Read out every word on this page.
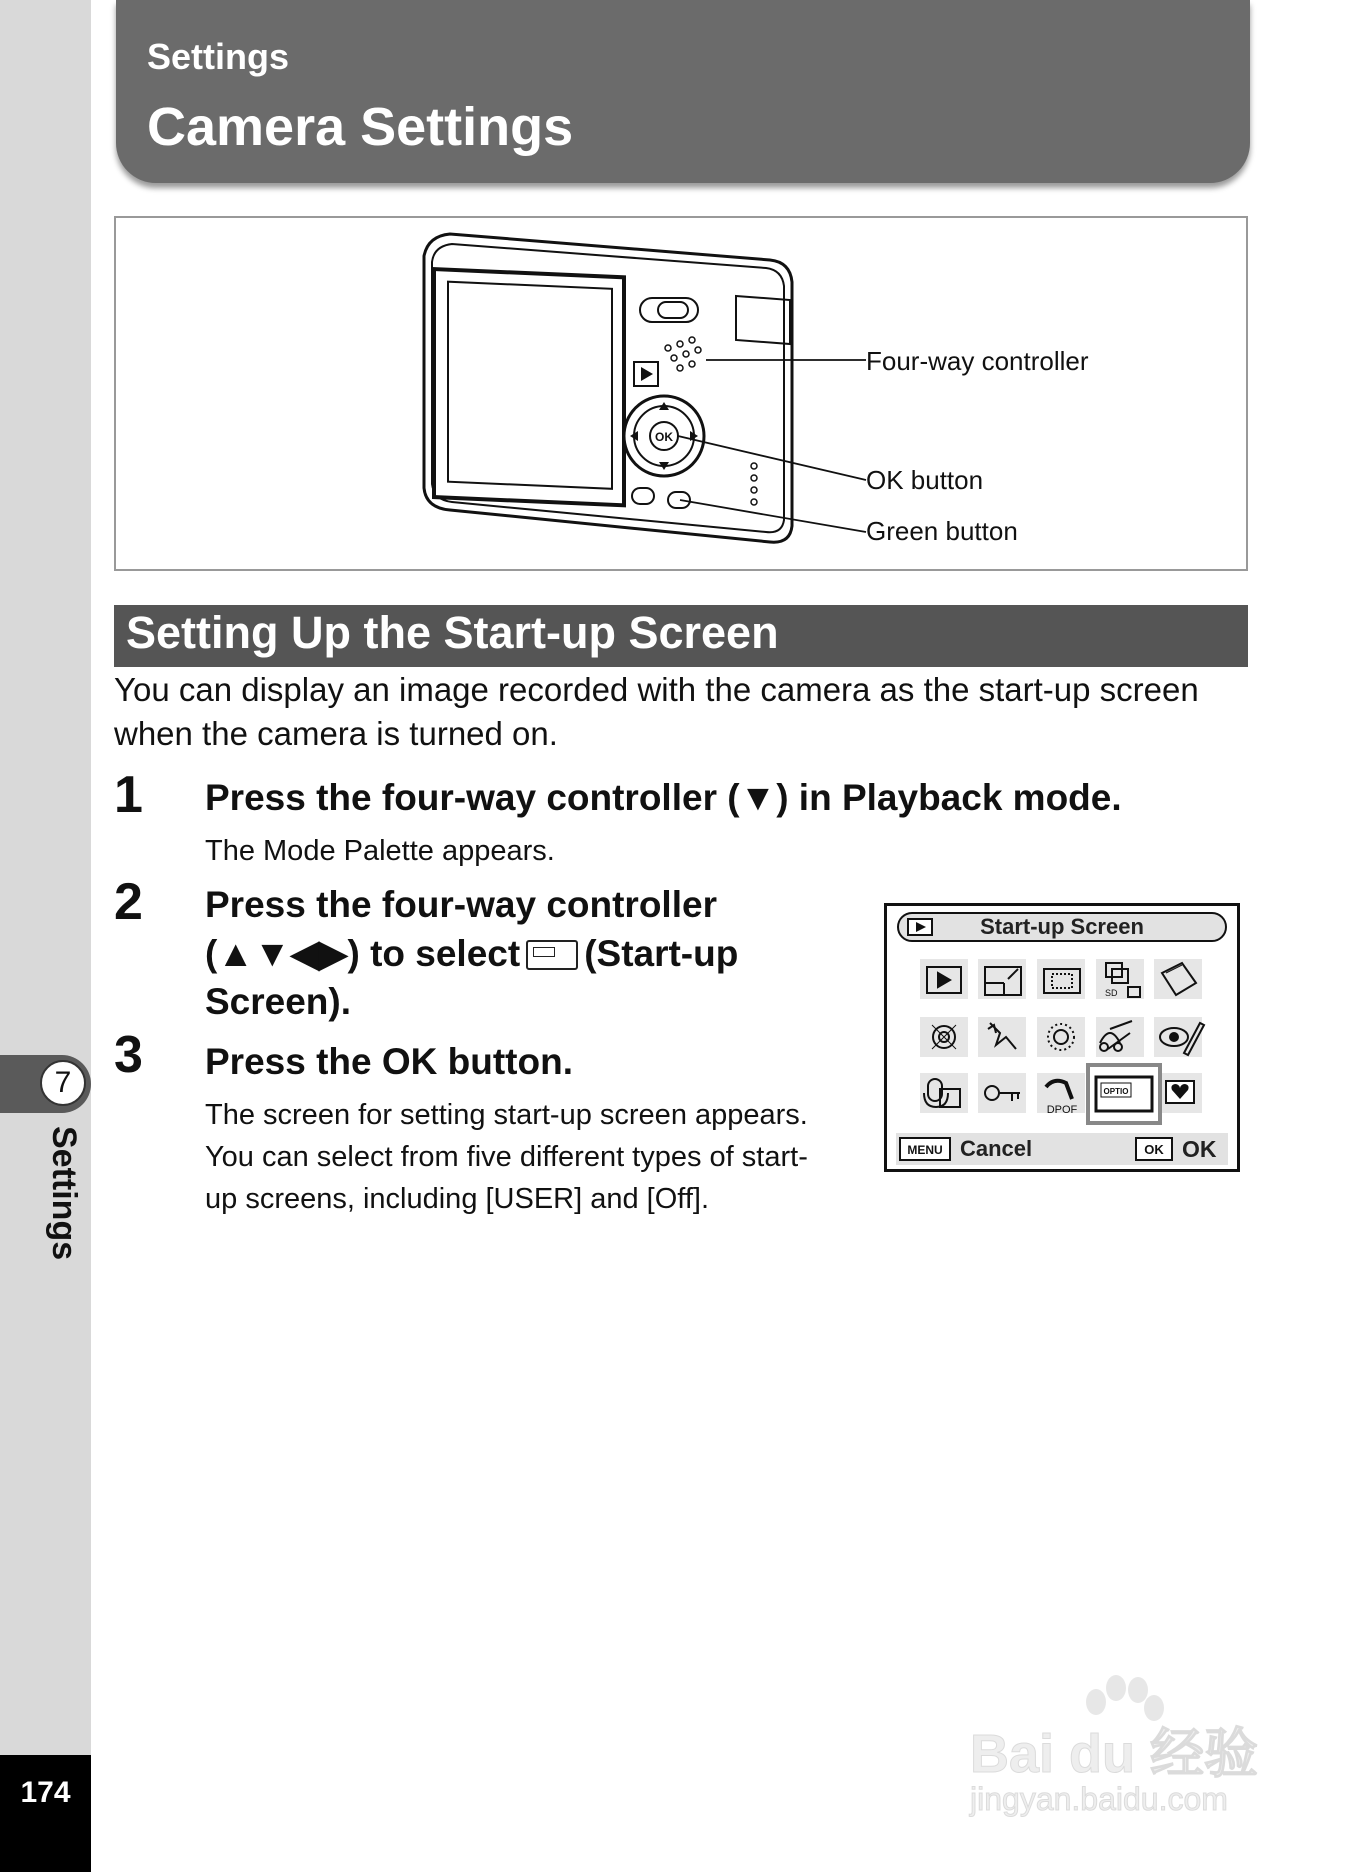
7
Settings
174
Settings
Camera Settings
OK
Four-way controller
OK button
Green button
Setting Up the Start-up Screen
You can display an image recorded with the camera as the start-up screen when the camera is turned on.
1 Press the four-way controller (▼) in Playback mode.
The Mode Palette appears.
2 Press the four-way controller
(▲▼◀▶) to select (Start-up
Screen).
3 Press the OK button.
The screen for setting start-up screen appears.
You can select from five different types of start-
up screens, including [USER] and [Off].
Start-up Screen
SD
DPOF
OPTIO
MENU Cancel	OK OK
Bai du 经验
jingyan.baidu.com
